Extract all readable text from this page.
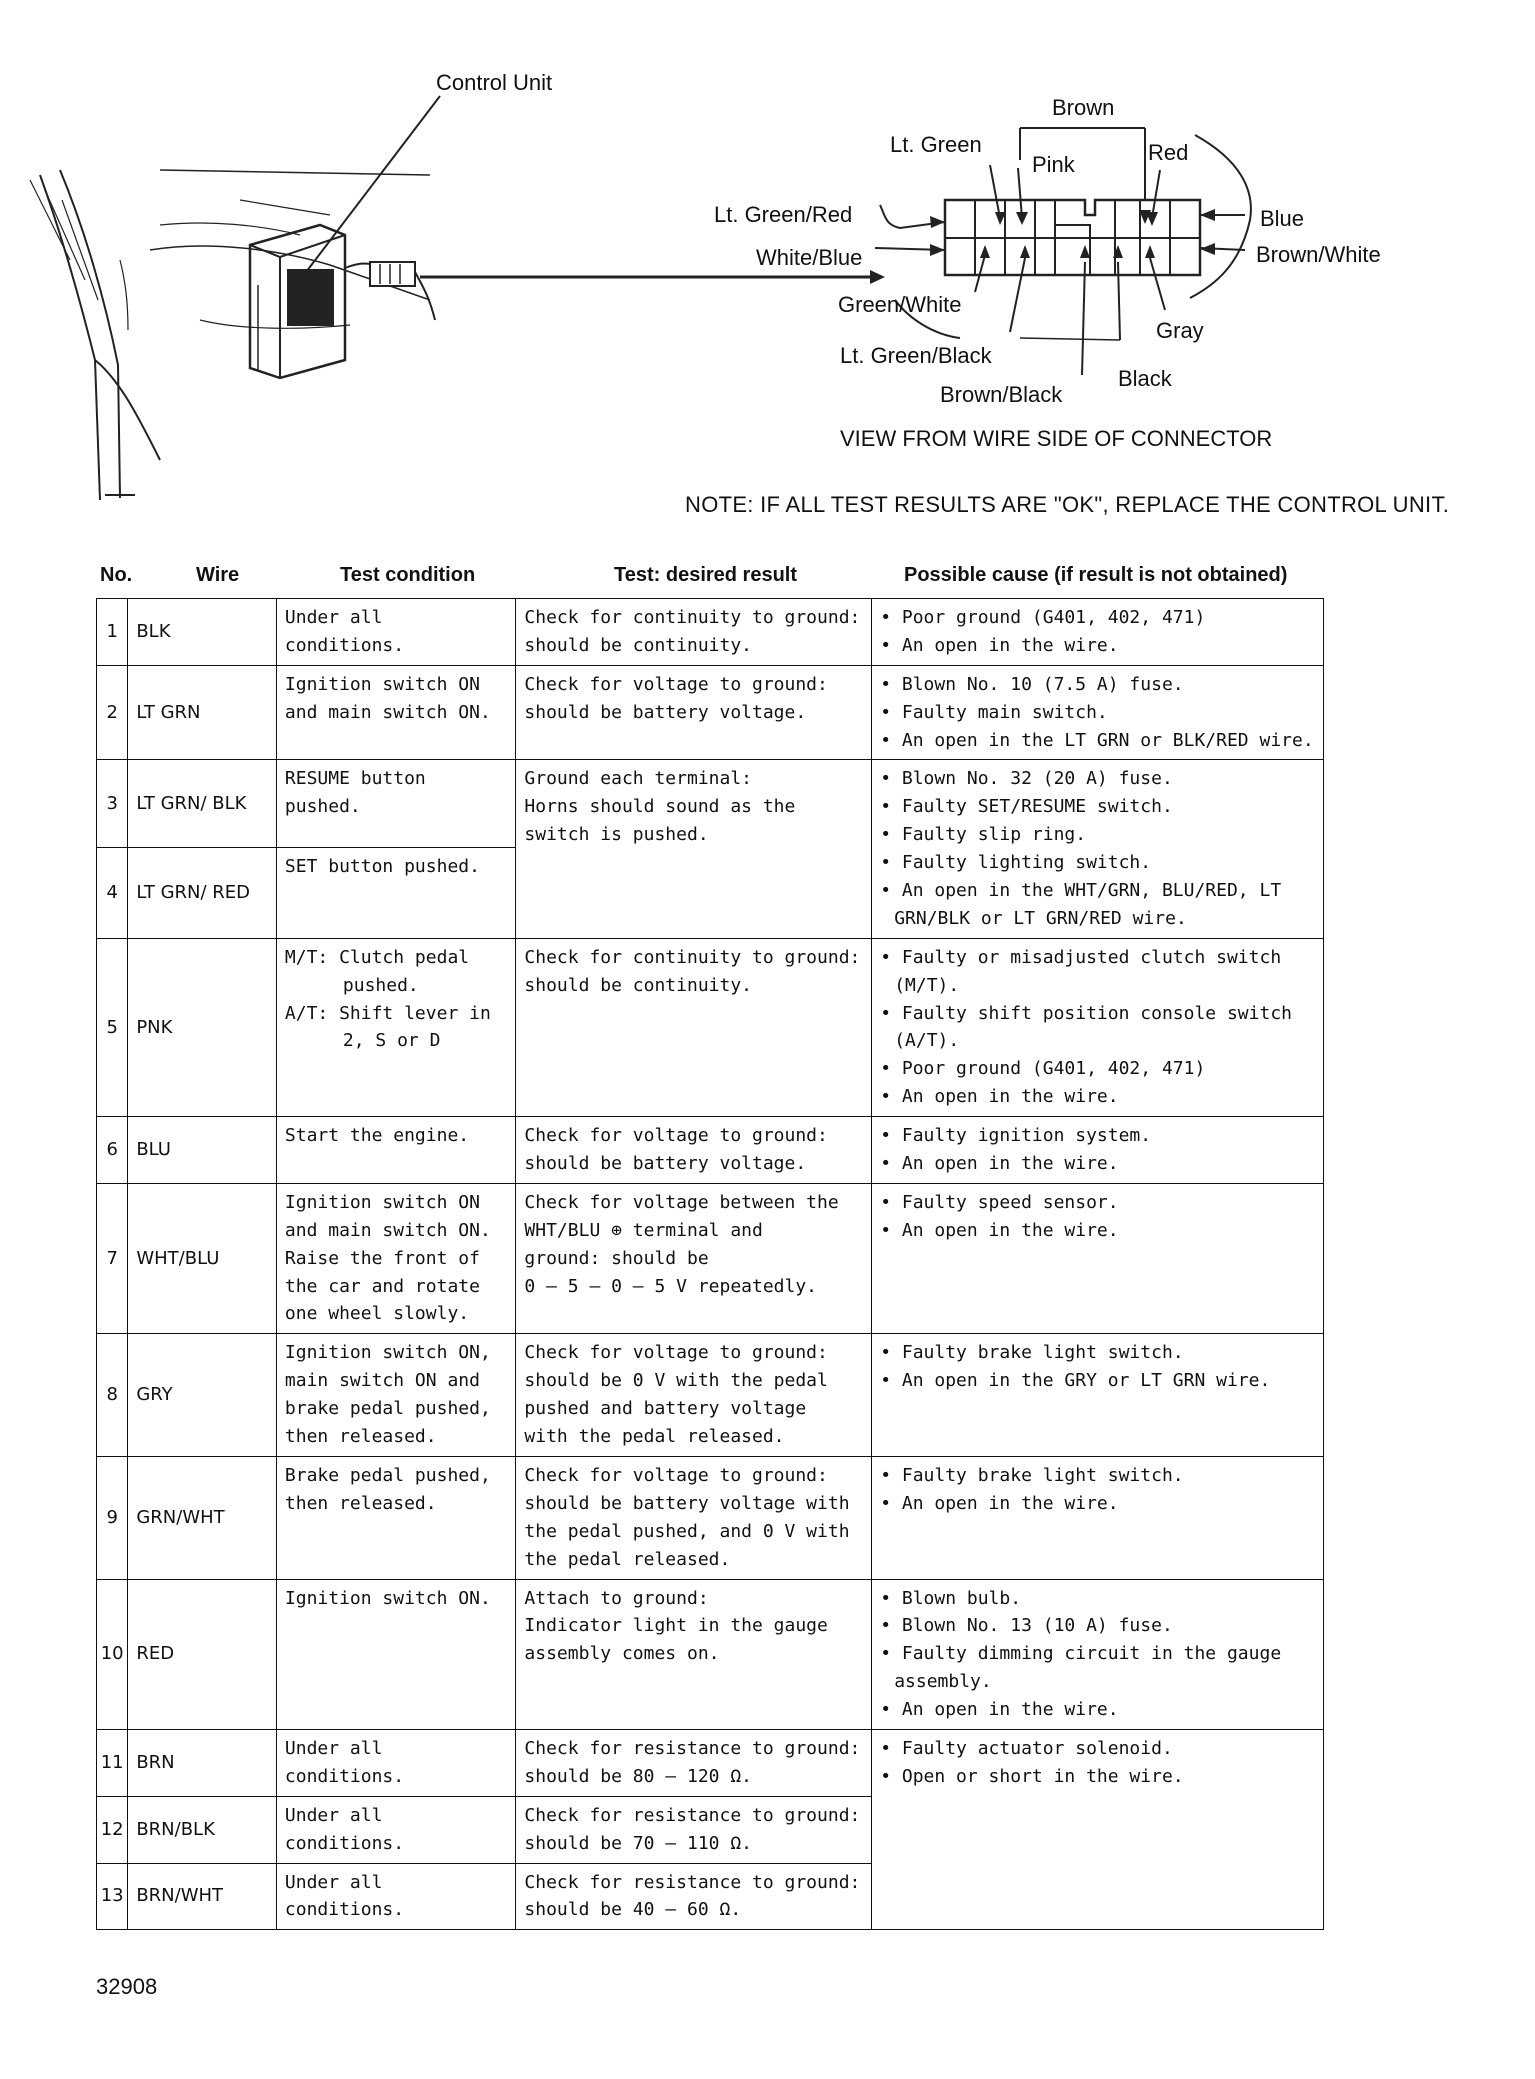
Control Unit
Brown
Lt. Green
Pink	Red
Lt. Green/Red	Blue
White/Blue	Brown/White
Green/White
Gray
Lt. Green/Black
Black
Brown/Black
VIEW FROM WIRE SIDE OF CONNECTOR
NOTE: IF ALL TEST RESULTS ARE "OK", REPLACE THE CONTROL UNIT.
No.	Wire	Test condition	Test: desired result	Possible cause (if result is not obtained)
1	BLK	Under all conditions.	Check for continuity to ground:
should be continuity.	• Poor ground (G401, 402, 471)
• An open in the wire.

2	LT GRN	Ignition switch ON
and main switch ON.	Check for voltage to ground:
should be battery voltage.	• Blown No. 10 (7.5 A) fuse.
• Faulty main switch.
• An open in the LT GRN or BLK/RED wire.

3	LT GRN/ BLK	RESUME button
pushed.	Ground each terminal:
Horns should sound as the
switch is pushed.	• Blown No. 32 (20 A) fuse.
• Faulty SET/RESUME switch.
• Faulty slip ring.
• Faulty lighting switch.
• An open in the WHT/GRN, BLU/RED, LT GRN/BLK or LT GRN/RED wire.

4	LT GRN/ RED	SET button pushed.		

5	PNK	M/T: Clutch pedal
pushed.
A/T: Shift lever in
2, S or D	Check for continuity to ground:
should be continuity.	• Faulty or misadjusted clutch switch (M/T).
• Faulty shift position console switch (A/T).
• Poor ground (G401, 402, 471)
• An open in the wire.

6	BLU	Start the engine.	Check for voltage to ground:
should be battery voltage.	• Faulty ignition system.
• An open in the wire.

7	WHT/BLU	Ignition switch ON
and main switch ON.
Raise the front of
the car and rotate
one wheel slowly.	Check for voltage between the
WHT/BLU ⊕ terminal and
ground: should be
0 — 5 — 0 — 5 V repeatedly.	• Faulty speed sensor.
• An open in the wire.

8	GRY	Ignition switch ON,
main switch ON and
brake pedal pushed,
then released.	Check for voltage to ground:
should be 0 V with the pedal
pushed and battery voltage
with the pedal released.	• Faulty brake light switch.
• An open in the GRY or LT GRN wire.

9	GRN/WHT	Brake pedal pushed,
then released.	Check for voltage to ground:
should be battery voltage with
the pedal pushed, and 0 V with
the pedal released.	• Faulty brake light switch.
• An open in the wire.

10	RED	Ignition switch ON.	Attach to ground:
Indicator light in the gauge
assembly comes on.	• Blown bulb.
• Blown No. 13 (10 A) fuse.
• Faulty dimming circuit in the gauge assembly.
• An open in the wire.

11	BRN	Under all conditions.	Check for resistance to ground:
should be 80 – 120 Ω.	• Faulty actuator solenoid.
• Open or short in the wire.

12	BRN/BLK	Under all conditions.	Check for resistance to ground:
should be 70 – 110 Ω.	

13	BRN/WHT	Under all conditions.	Check for resistance to ground:
should be 40 – 60 Ω.	
32908
